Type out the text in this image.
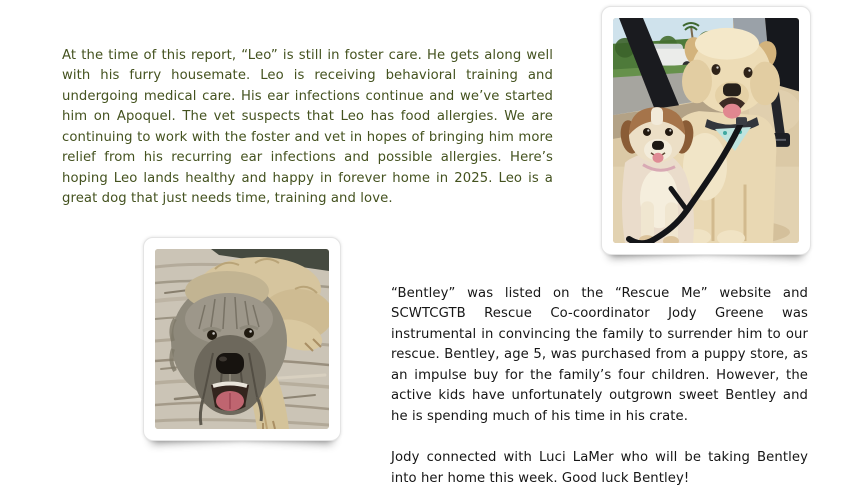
At the time of this report, “Leo” is still in foster care. He gets along well with his furry housemate. Leo is receiving behavioral training and undergoing medical care. His ear infections continue and we’ve started him on Apoquel. The vet suspects that Leo has food allergies. We are continuing to work with the foster and vet in hopes of bringing him more relief from his recurring ear infections and possible allergies. Here’s hoping Leo lands healthy and happy in forever home in 2025. Leo is a great dog that just needs time, training and love.

“Bentley” was listed on the “Rescue Me” website and SCWTCGTB Rescue Co-coordinator Jody Greene was instrumental in convincing the family to surrender him to our rescue. Bentley, age 5, was purchased from a puppy store, as an impulse buy for the family’s four children. However, the active kids have unfortunately outgrown sweet Bentley and he is spending much of his time in his crate.

Jody connected with Luci LaMer who will be taking Bentley into her home this week. Good luck Bentley!
